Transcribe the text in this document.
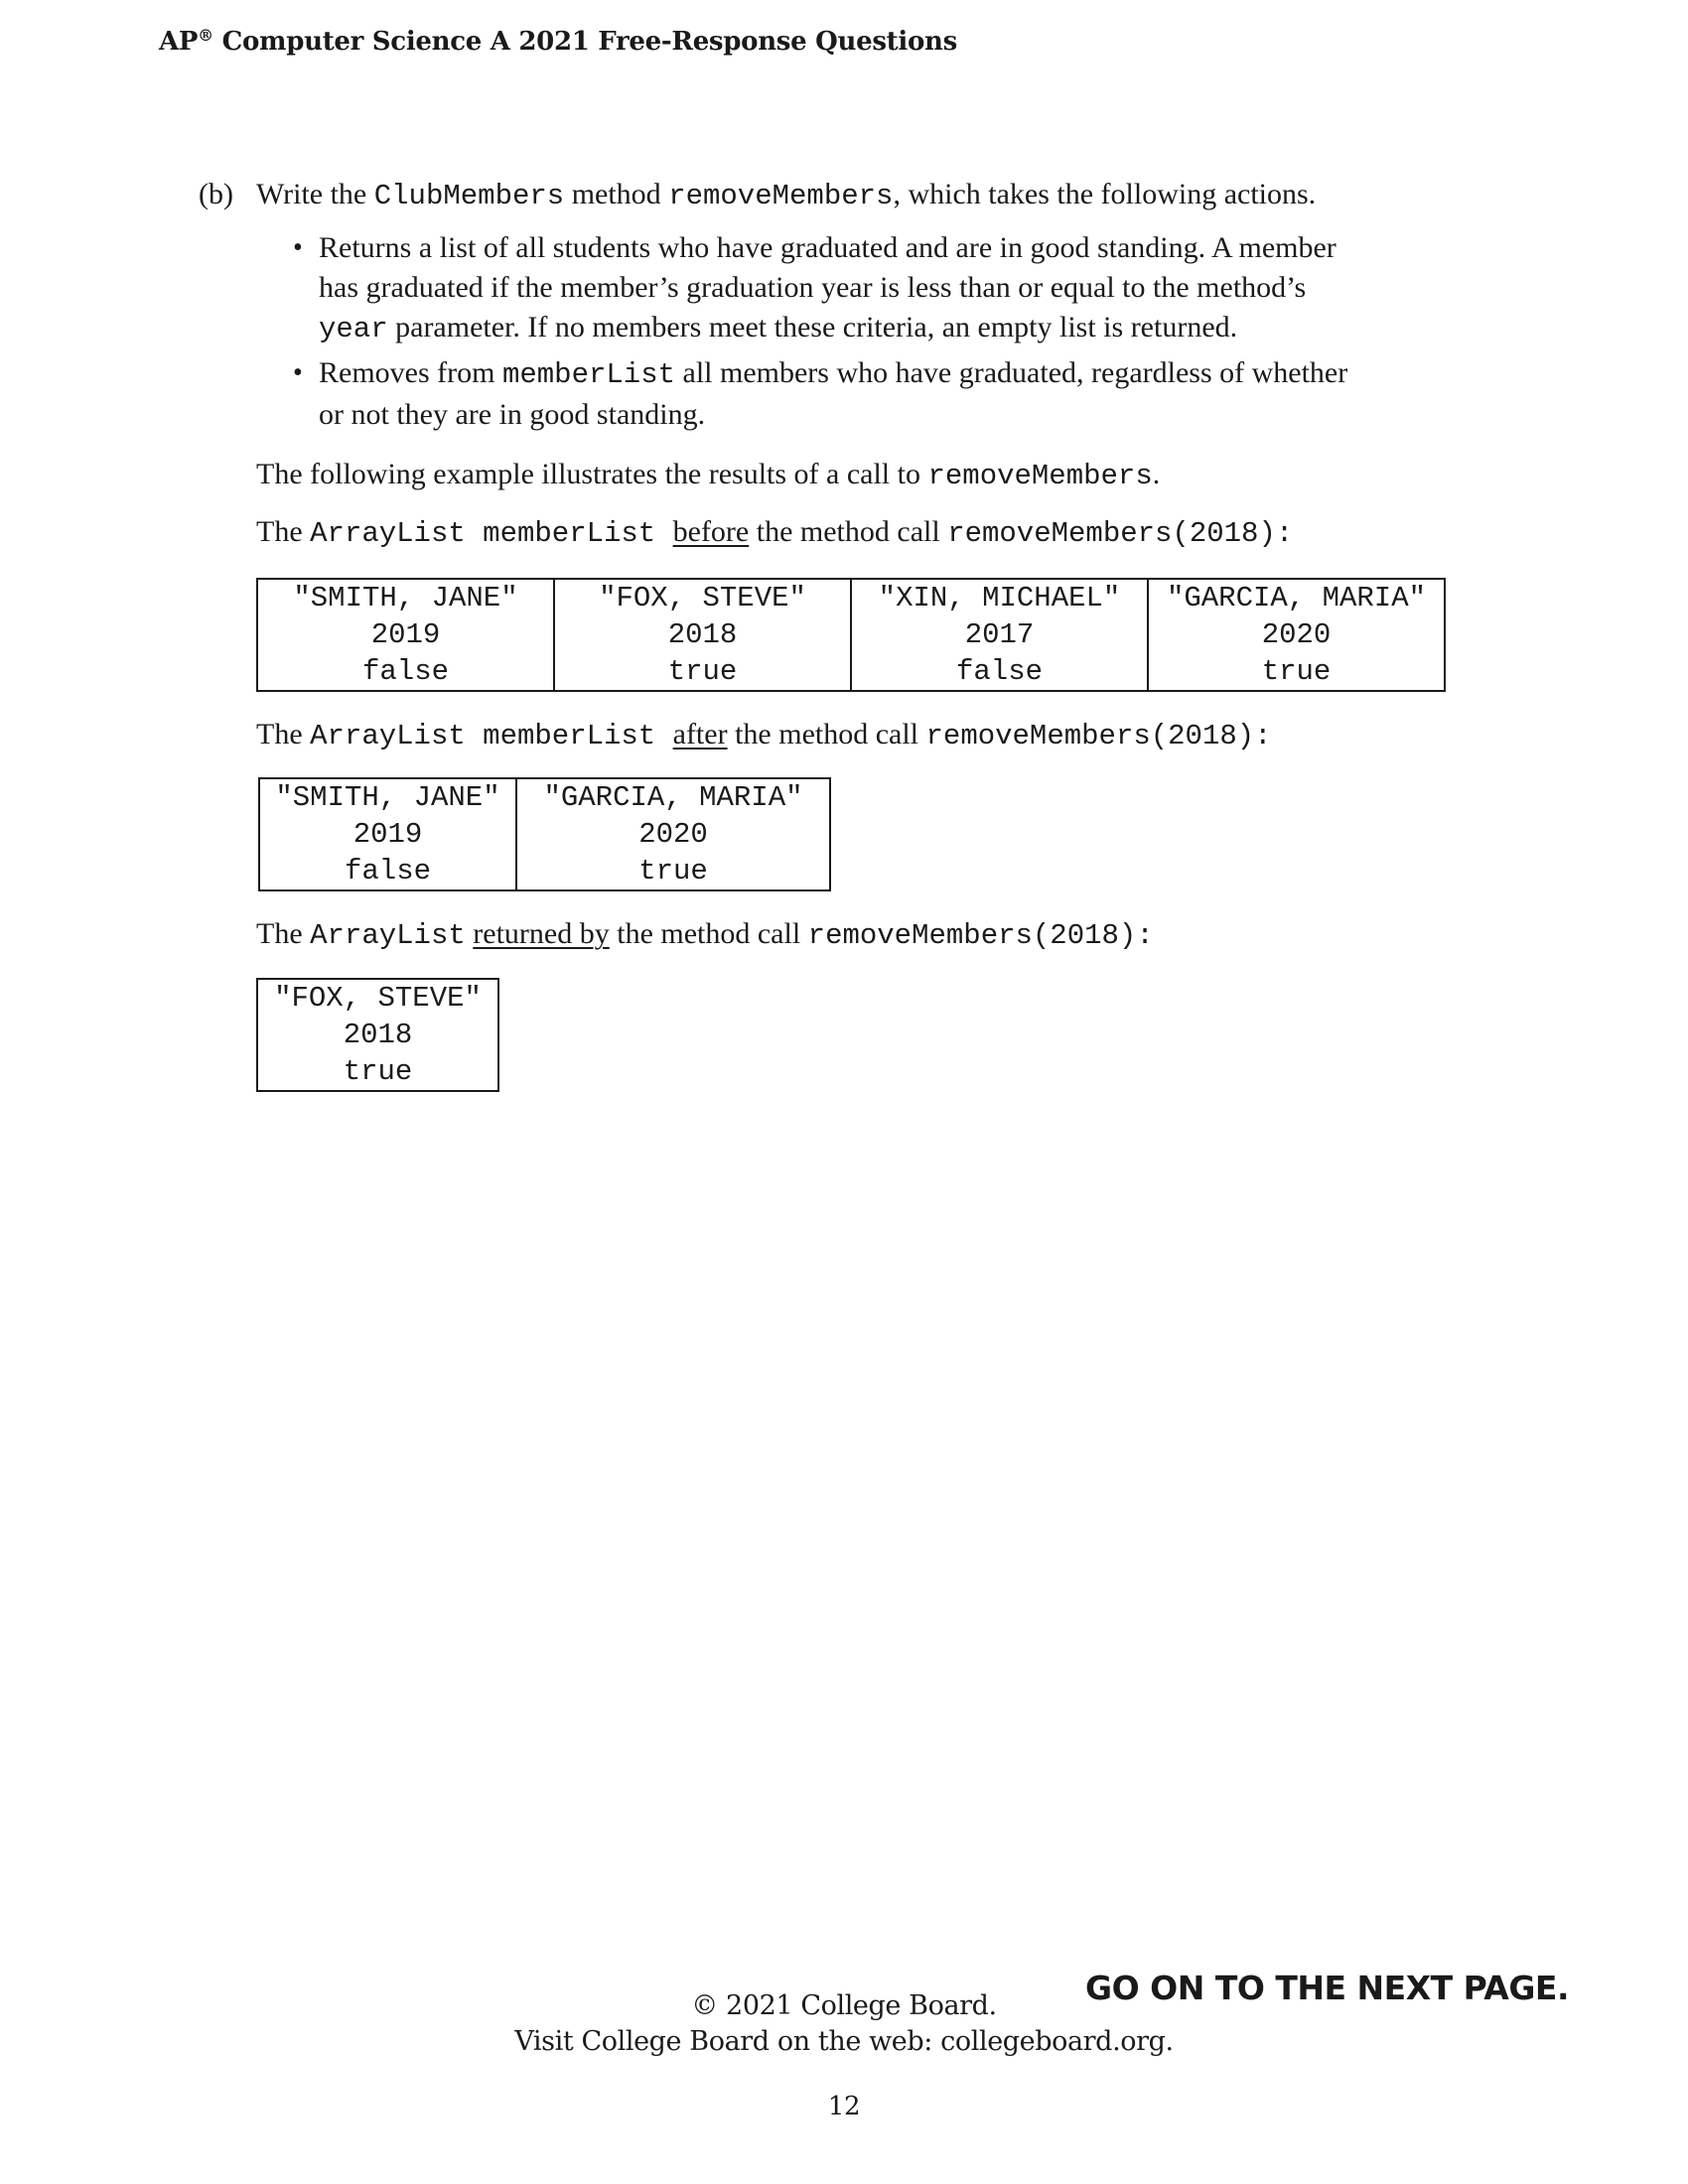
AP® Computer Science A 2021 Free-Response Questions
(b) Write the ClubMembers method removeMembers, which takes the following actions.
• Returns a list of all students who have graduated and are in good standing. A member
has graduated if the member’s graduation year is less than or equal to the method’s
year parameter. If no members meet these criteria, an empty list is returned.
• Removes from memberList all members who have graduated, regardless of whether
or not they are in good standing.
The following example illustrates the results of a call to removeMembers.
The ArrayList memberList before the method call removeMembers(2018):
"SMITH, JANE"
2019
false

"FOX, STEVE"
2018
true

"XIN, MICHAEL"
2017
false

"GARCIA, MARIA"
2020
true
The ArrayList memberList after the method call removeMembers(2018):
"SMITH, JANE"
2019
false

"GARCIA, MARIA"
2020
true
The ArrayList returned by the method call removeMembers(2018):
"FOX, STEVE"
2018
true
GO ON TO THE NEXT PAGE.
© 2021 College Board.
Visit College Board on the web: collegeboard.org.
12
